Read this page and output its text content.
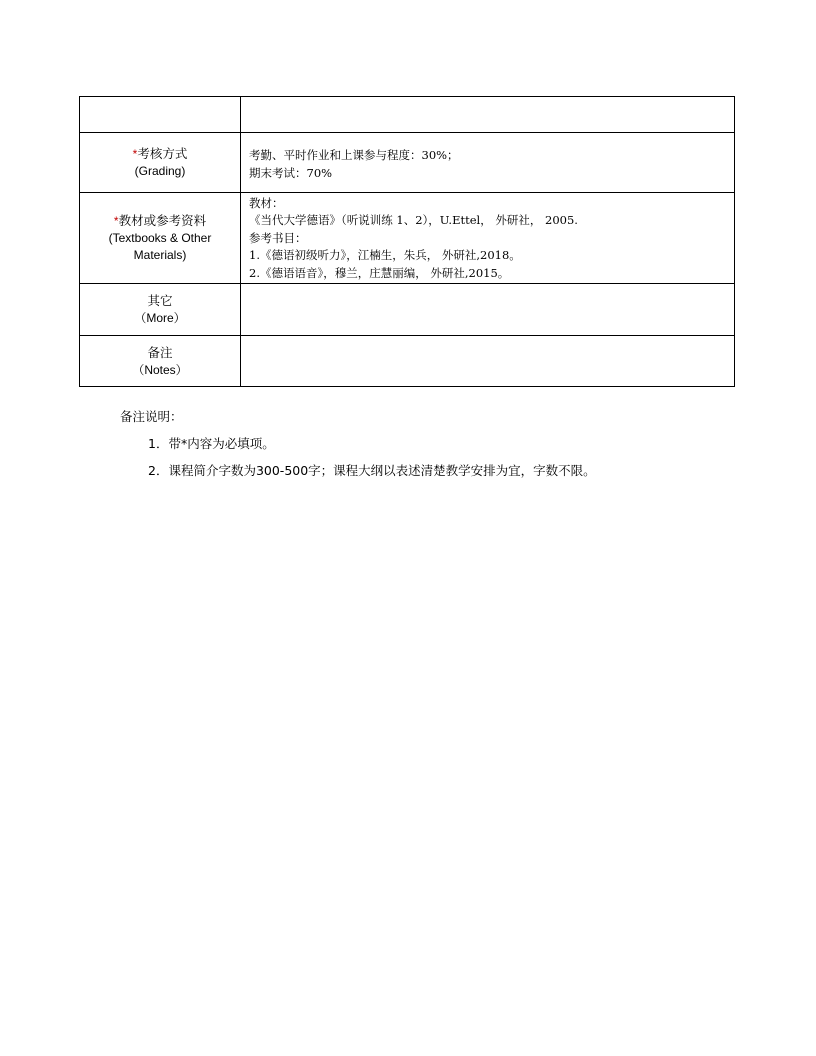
*考核方式
(Grading)	考勤、平时作业和上课参与程度：30%；
期末考试：70%

*教材或参考资料
(Textbooks & Other
Materials)	教材：
《当代大学德语》（听说训练 1、2），U.Ettel， 外研社， 2005.
参考书目：
1.《德语初级听力》，江楠生，朱兵， 外研社,2018。
2.《德语语音》，穆兰，庄慧丽编， 外研社,2015。

其它
（More）	

备注
（Notes）	

备注说明：
1．带*内容为必填项。
2．课程简介字数为300-500字；课程大纲以表述清楚教学安排为宜，字数不限。
